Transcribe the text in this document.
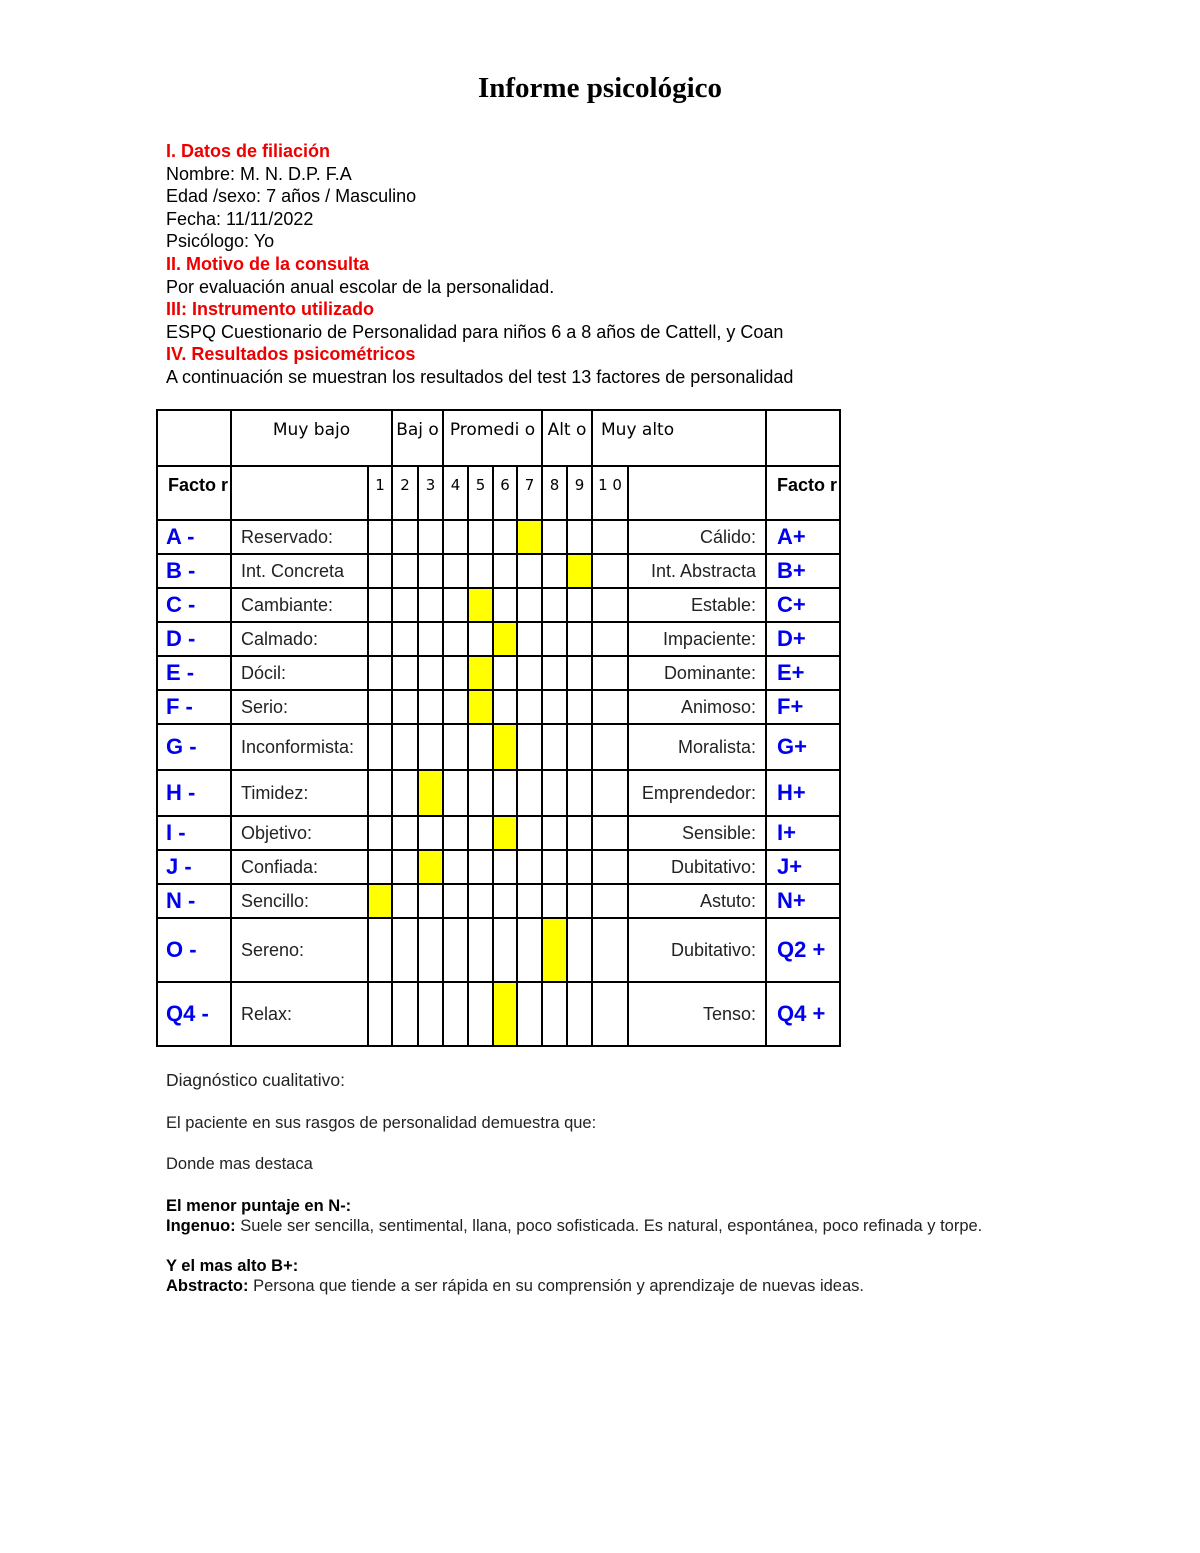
Informe psicológico
I. Datos de filiación
Nombre: M. N. D.P. F.A
Edad /sexo: 7 años / Masculino
Fecha: 11/11/2022
Psicólogo: Yo
II. Motivo de la consulta
Por evaluación anual escolar de la personalidad.
III: Instrumento utilizado
ESPQ Cuestionario de Personalidad para niños 6 a 8 años de Cattell, y Coan
IV. Resultados psicométricos
A continuación se muestran los resultados del test 13 factores de personalidad
	Muy bajo		Baj o		Promedi o				Alt o		Muy alto		
Facto r		1	2	3	4	5	6	7	8	9	1 0		Facto r
A -	Reservado:											Cálido:	A+
B -	Int. Concreta											Int. Abstracta	B+
C -	Cambiante:											Estable:	C+
D -	Calmado:											Impaciente:	D+
E -	Dócil:											Dominante:	E+
F -	Serio:											Animoso:	F+
G -	Inconformista:											Moralista:	G+
H -	Timidez:											Emprendedor:	H+
I -	Objetivo:											Sensible:	I+
J -	Confiada:											Dubitativo:	J+
N -	Sencillo:											Astuto:	N+
O -	Sereno:											Dubitativo:	Q2 +
Q4 -	Relax:											Tenso:	Q4 +

Diagnóstico cualitativo:

El paciente en sus rasgos de personalidad demuestra que:

Donde mas destaca

El menor puntaje en N-:

Ingenuo: Suele ser sencilla, sentimental, llana, poco sofisticada. Es natural, espontánea, poco refinada y torpe.

Y el mas alto B+:

Abstracto: Persona que tiende a ser rápida en su comprensión y aprendizaje de nuevas ideas.
